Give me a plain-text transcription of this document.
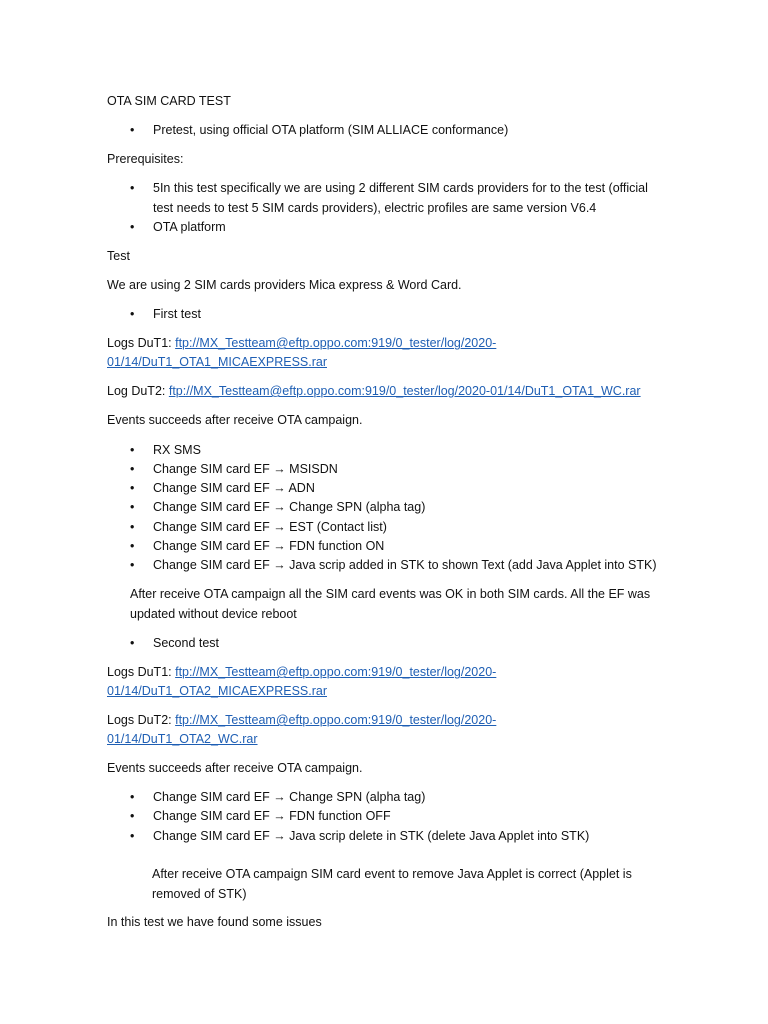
OTA SIM CARD TEST
• Pretest, using official OTA platform (SIM ALLIACE conformance)
Prerequisites:
• 5In this test specifically we are using 2 different SIM cards providers for to the test (official test needs to test 5 SIM cards providers), electric profiles are same version V6.4
• OTA platform
Test
We are using 2 SIM cards providers Mica express & Word Card.
• First test
Logs DuT1: ftp://MX_Testteam@eftp.oppo.com:919/0_tester/log/2020-
01/14/DuT1_OTA1_MICAEXPRESS.rar
Log DuT2: ftp://MX_Testteam@eftp.oppo.com:919/0_tester/log/2020-01/14/DuT1_OTA1_WC.rar
Events succeeds after receive OTA campaign.
• RX SMS
• Change SIM card EF → MSISDN
• Change SIM card EF → ADN
• Change SIM card EF → Change SPN (alpha tag)
• Change SIM card EF → EST (Contact list)
• Change SIM card EF → FDN function ON
• Change SIM card EF → Java scrip added in STK to shown Text (add Java Applet into STK)
After receive OTA campaign all the SIM card events was OK in both SIM cards. All the EF was updated without device reboot
• Second test
Logs DuT1: ftp://MX_Testteam@eftp.oppo.com:919/0_tester/log/2020-
01/14/DuT1_OTA2_MICAEXPRESS.rar
Logs DuT2: ftp://MX_Testteam@eftp.oppo.com:919/0_tester/log/2020-
01/14/DuT1_OTA2_WC.rar
Events succeeds after receive OTA campaign.
• Change SIM card EF → Change SPN (alpha tag)
• Change SIM card EF → FDN function OFF
• Change SIM card EF → Java scrip delete in STK (delete Java Applet into STK)
After receive OTA campaign SIM card event to remove Java Applet is correct (Applet is removed of STK)
In this test we have found some issues
